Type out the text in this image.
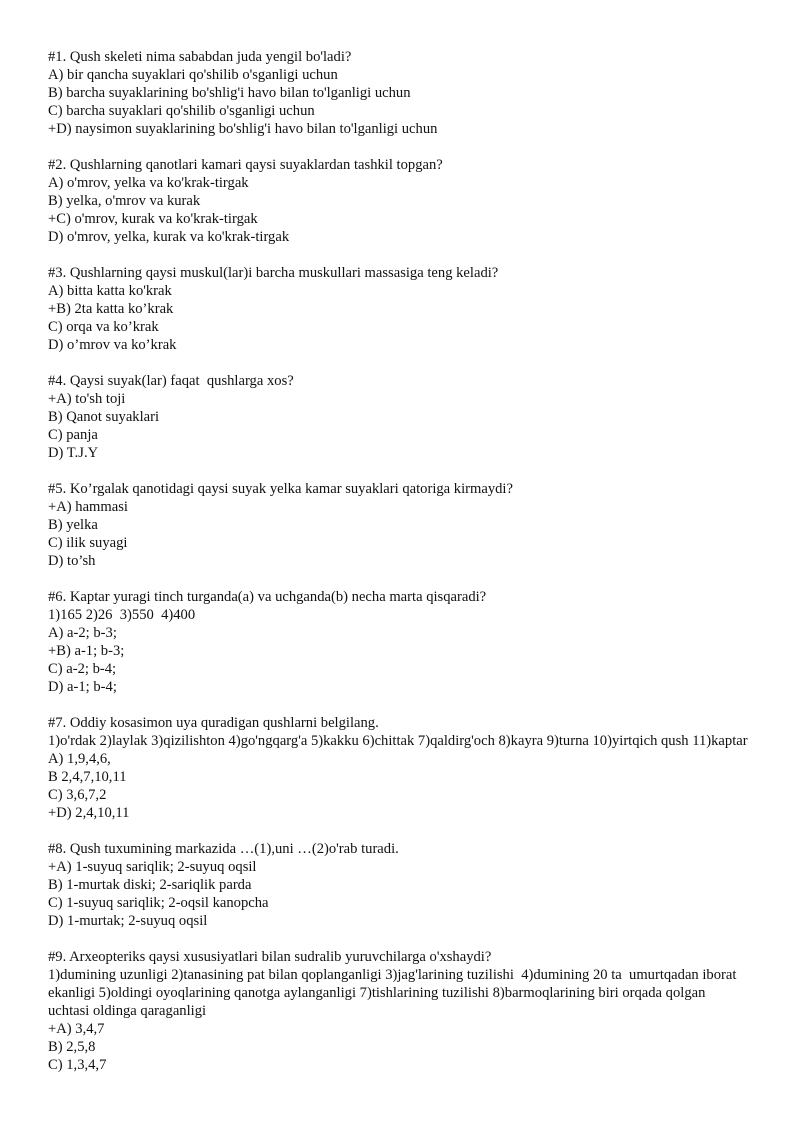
#1. Qush skeleti nima sababdan juda yengil bo'ladi?
A) bir qancha suyaklari qo'shilib o'sganligi uchun
B) barcha suyaklarining bo'shlig'i havo bilan to'lganligi uchun
C) barcha suyaklari qo'shilib o'sganligi uchun
+D) naysimon suyaklarining bo'shlig'i havo bilan to'lganligi uchun
#2. Qushlarning qanotlari kamari qaysi suyaklardan tashkil topgan?
A) o'mrov, yelka va ko'krak-tirgak
B) yelka, o'mrov va kurak
+C) o'mrov, kurak va ko'krak-tirgak
D) o'mrov, yelka, kurak va ko'krak-tirgak
#3. Qushlarning qaysi muskul(lar)i barcha muskullari massasiga teng keladi?
A) bitta katta ko'krak
+B) 2ta katta ko’krak
C) orqa va ko’krak
D) o’mrov va ko’krak
#4. Qaysi suyak(lar) faqat  qushlarga xos?
+A) to'sh toji
B) Qanot suyaklari
C) panja
D) T.J.Y
#5. Ko’rgalak qanotidagi qaysi suyak yelka kamar suyaklari qatoriga kirmaydi?
+A) hammasi
B) yelka
C) ilik suyagi
D) to’sh
#6. Kaptar yuragi tinch turganda(a) va uchganda(b) necha marta qisqaradi?
1)165 2)26  3)550  4)400
A) a-2; b-3;
+B) a-1; b-3;
C) a-2; b-4;
D) a-1; b-4;
#7. Oddiy kosasimon uya quradigan qushlarni belgilang.
1)o'rdak 2)laylak 3)qizilishton 4)go'ngqarg'a 5)kakku 6)chittak 7)qaldirg'och 8)kayra 9)turna 10)yirtqich qush 11)kaptar
A) 1,9,4,6,
B 2,4,7,10,11
C) 3,6,7,2
+D) 2,4,10,11
#8. Qush tuxumining markazida …(1),uni …(2)o'rab turadi.
+A) 1-suyuq sariqlik; 2-suyuq oqsil
B) 1-murtak diski; 2-sariqlik parda
C) 1-suyuq sariqlik; 2-oqsil kanopcha
D) 1-murtak; 2-suyuq oqsil
#9. Arxeopteriks qaysi xususiyatlari bilan sudralib yuruvchilarga o'xshaydi?
1)dumining uzunligi 2)tanasining pat bilan qoplanganligi 3)jag'larining tuzilishi  4)dumining 20 ta  umurtqadan iborat ekanligi 5)oldingi oyoqlarining qanotga aylanganligi 7)tishlarining tuzilishi 8)barmoqlarining biri orqada qolgan uchtasi oldinga qaraganligi
+A) 3,4,7
B) 2,5,8
C) 1,3,4,7
